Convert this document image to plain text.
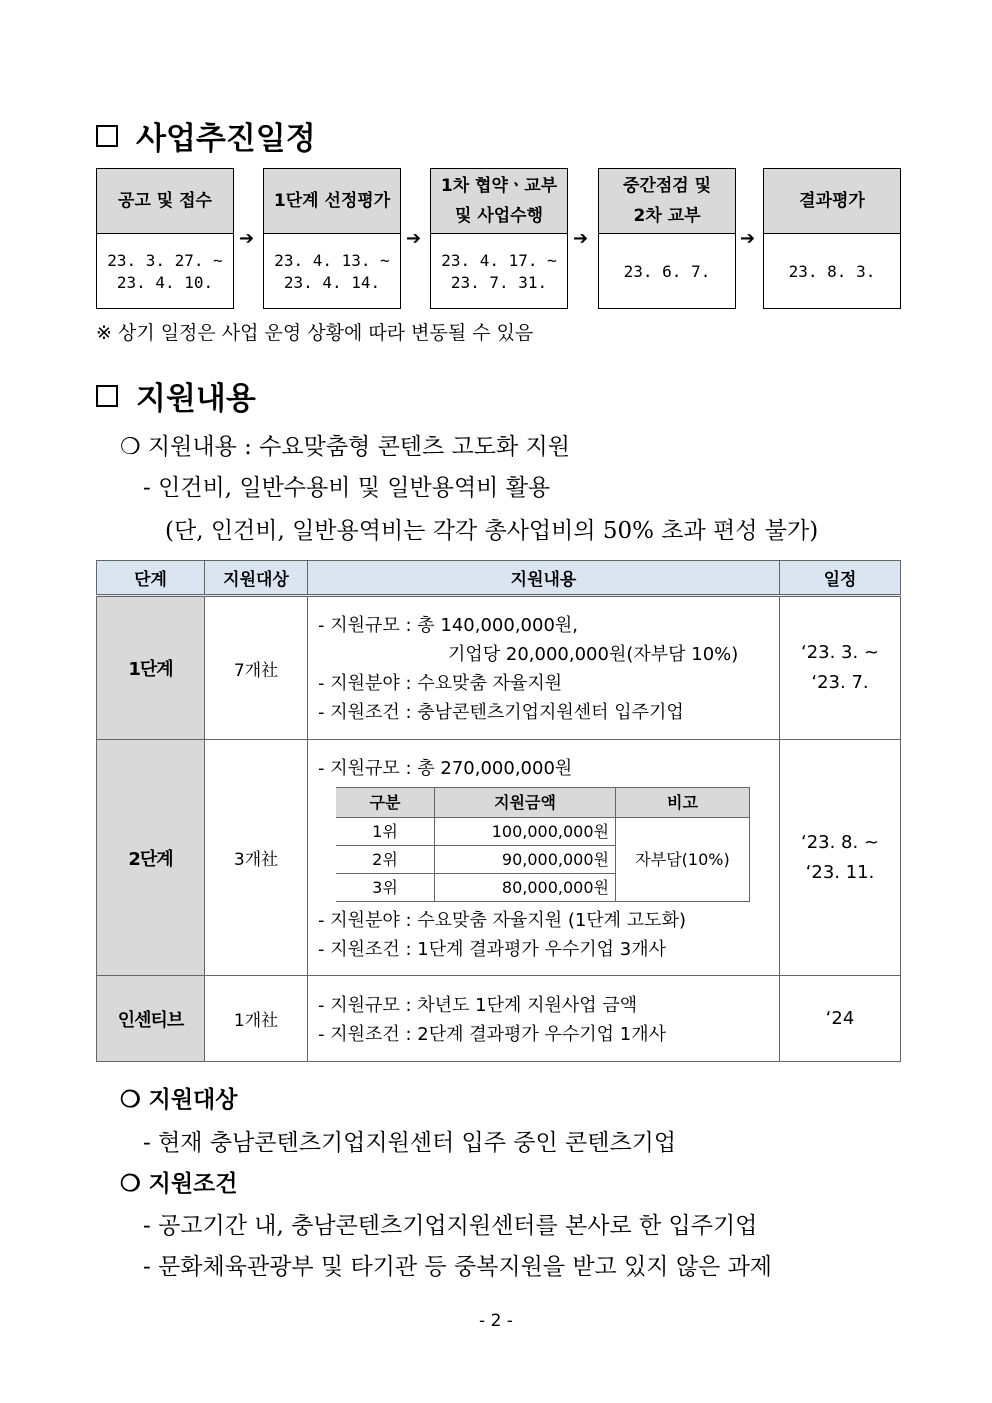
사업추진일정
공고 및 접수
23. 3. 27. ~
23. 4. 10.
➔
1단계 선정평가
23. 4. 13. ~
23. 4. 14.
➔
1차 협약ㆍ교부
및 사업수행
23. 4. 17. ~
23. 7. 31.
➔
중간점검 및
2차 교부
23. 6. 7.
➔
결과평가
23. 8. 3.
※ 상기 일정은 사업 운영 상황에 따라 변동될 수 있음
지원내용
❍ 지원내용 : 수요맞춤형 콘텐츠 고도화 지원
- 인건비, 일반수용비 및 일반용역비 활용
(단, 인건비, 일반용역비는 각각 총사업비의 50% 초과 편성 불가)
단계	지원대상	지원내용	일정
1단계	7개社	
- 지원규모 : 총 140,000,000원,
기업당 20,000,000원(자부담 10%)
- 지원분야 : 수요맞춤 자율지원
- 지원조건 : 충남콘텐츠기업지원센터 입주기업

‘23. 3. ~
‘23. 7.

2단계	3개社	
- 지원규모 : 총 270,000,000원
구분	지원금액	비고
1위	100,000,000원	자부담(10%)
2위	90,000,000원
3위	80,000,000원
- 지원분야 : 수요맞춤 자율지원 (1단계 고도화)
- 지원조건 : 1단계 결과평가 우수기업 3개사

‘23. 8. ~
‘23. 11.

인센티브	1개社	
- 지원규모 : 차년도 1단계 지원사업 금액
- 지원조건 : 2단계 결과평가 우수기업 1개사

‘24
❍ 지원대상
- 현재 충남콘텐츠기업지원센터 입주 중인 콘텐츠기업
❍ 지원조건
- 공고기간 내, 충남콘텐츠기업지원센터를 본사로 한 입주기업
- 문화체육관광부 및 타기관 등 중복지원을 받고 있지 않은 과제
- 2 -
